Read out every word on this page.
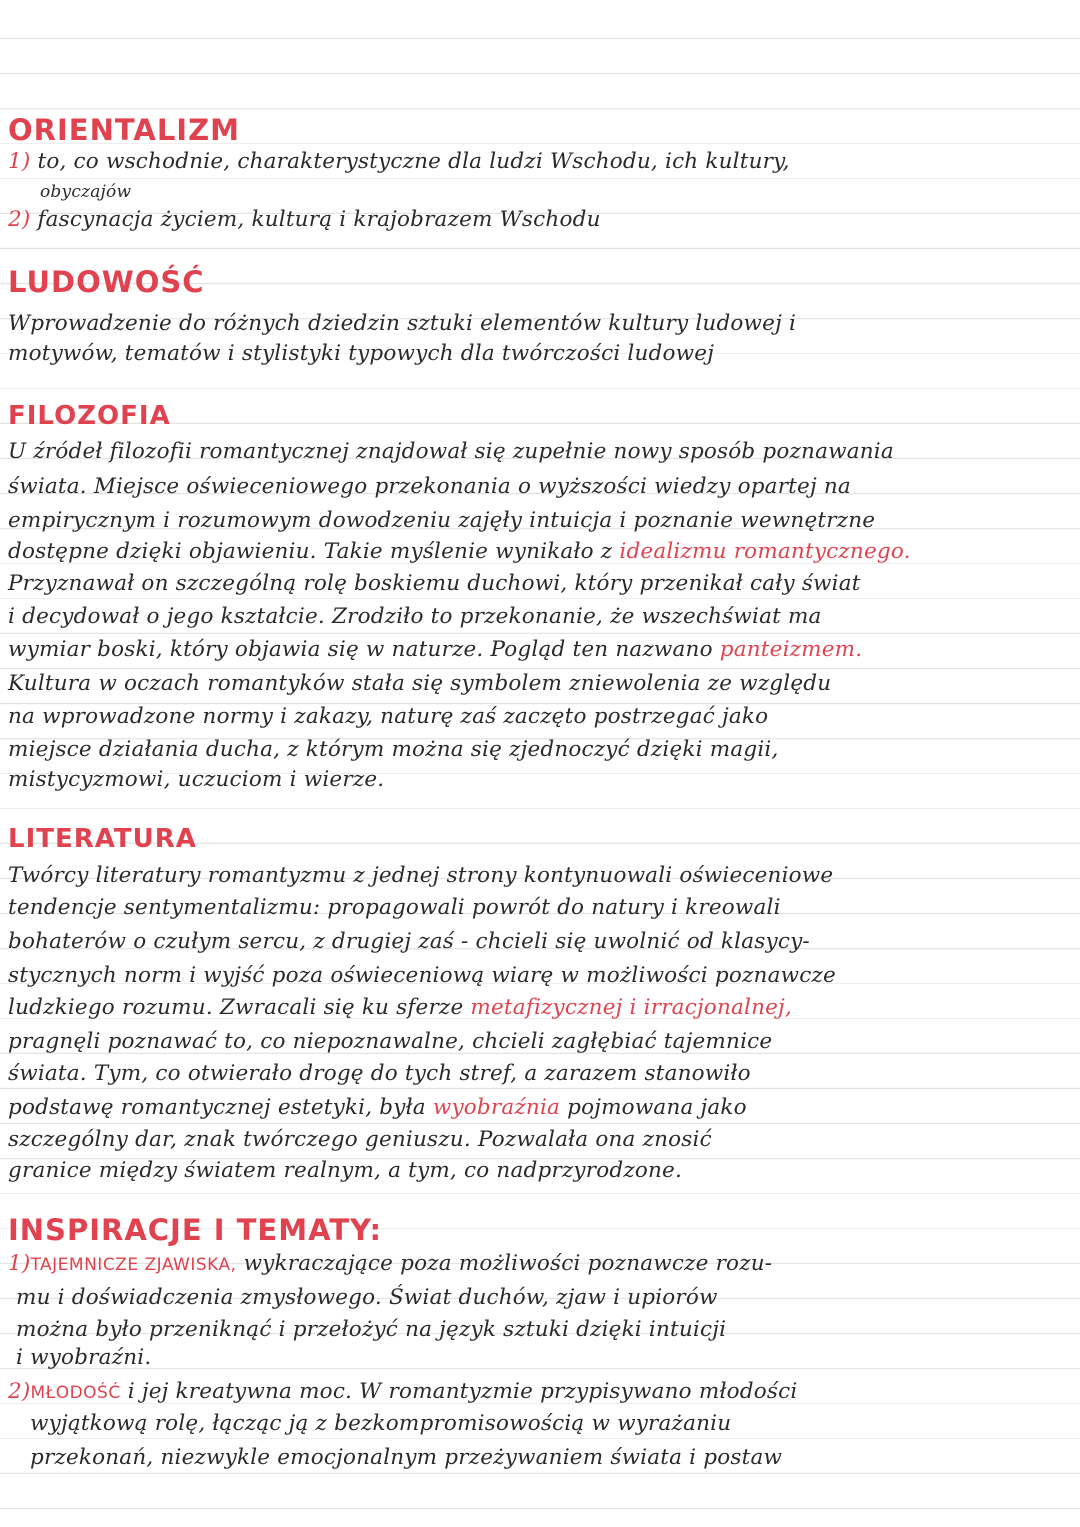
ORIENTALIZM
1) to, co wschodnie, charakterystyczne dla ludzi Wschodu, ich kultury,
obyczajów
2) fascynacja życiem, kulturą i krajobrazem Wschodu
LUDOWOŚĆ
Wprowadzenie do różnych dziedzin sztuki elementów kultury ludowej i
motywów, tematów i stylistyki typowych dla twórczości ludowej
FILOZOFIA
U źródeł filozofii romantycznej znajdował się zupełnie nowy sposób poznawania
świata. Miejsce oświeceniowego przekonania o wyższości wiedzy opartej na
empirycznym i rozumowym dowodzeniu zajęły intuicja i poznanie wewnętrzne
dostępne dzięki objawieniu. Takie myślenie wynikało z idealizmu romantycznego.
Przyznawał on szczególną rolę boskiemu duchowi, który przenikał cały świat
i decydował o jego kształcie. Zrodziło to przekonanie, że wszechświat ma
wymiar boski, który objawia się w naturze. Pogląd ten nazwano panteizmem.
Kultura w oczach romantyków stała się symbolem zniewolenia ze względu
na wprowadzone normy i zakazy, naturę zaś zaczęto postrzegać jako
miejsce działania ducha, z którym można się zjednoczyć dzięki magii,
mistycyzmowi, uczuciom i wierze.
LITERATURA
Twórcy literatury romantyzmu z jednej strony kontynuowali oświeceniowe
tendencje sentymentalizmu: propagowali powrót do natury i kreowali
bohaterów o czułym sercu, z drugiej zaś - chcieli się uwolnić od klasycy-
stycznych norm i wyjść poza oświeceniową wiarę w możliwości poznawcze
ludzkiego rozumu. Zwracali się ku sferze metafizycznej i irracjonalnej,
pragnęli poznawać to, co niepoznawalne, chcieli zagłębiać tajemnice
świata. Tym, co otwierało drogę do tych stref, a zarazem stanowiło
podstawę romantycznej estetyki, była wyobraźnia pojmowana jako
szczególny dar, znak twórczego geniuszu. Pozwalała ona znosić
granice między światem realnym, a tym, co nadprzyrodzone.
INSPIRACJE I TEMATY:
1)TAJEMNICZE ZJAWISKA, wykraczające poza możliwości poznawcze rozu-
mu i doświadczenia zmysłowego. Świat duchów, zjaw i upiorów
można było przeniknąć i przełożyć na język sztuki dzięki intuicji
i wyobraźni.
2)MŁODOŚĆ i jej kreatywna moc. W romantyzmie przypisywano młodości
wyjątkową rolę, łącząc ją z bezkompromisowością w wyrażaniu
przekonań, niezwykle emocjonalnym przeżywaniem świata i postaw
